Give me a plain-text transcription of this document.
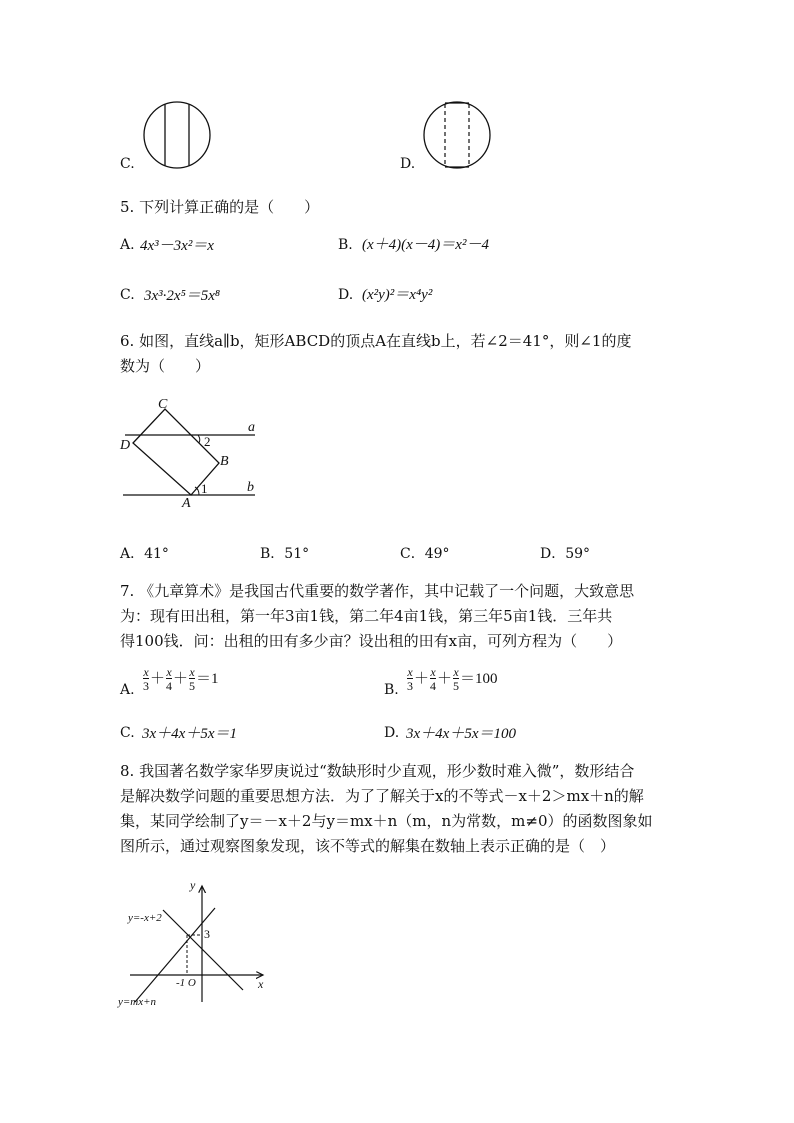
C.	D.
5. 下列计算正确的是（　　）
A. 4x³－3x²＝x	B. (x＋4)(x－4)＝x²－4
C. 3x³·2x⁵＝5x⁸	D. (x²y)²＝x⁴y²
6. 如图，直线a∥b，矩形ABCD的顶点A在直线b上，若∠2＝41°，则∠1的度
数为（　　）
C
D
B
A
a
b
2
1
A．41°	B．51°	C．49°	D．59°
7. 《九章算术》是我国古代重要的数学著作，其中记载了一个问题，大致意思
为：现有田出租，第一年3亩1钱，第二年4亩1钱，第三年5亩1钱．三年共
得100钱．问：出租的田有多少亩？设出租的田有x亩，可列方程为（　　）
A. $\frac{x}{3} + \frac{x}{4} + \frac{x}{5} =1$
B. $\frac{x}{3} + \frac{x}{4} + \frac{x}{5} =100$
C. 3x＋4x＋5x＝1	D. 3x＋4x＋5x＝100
8. 我国著名数学家华罗庚说过“数缺形时少直观，形少数时难入微”，数形结合
是解决数学问题的重要思想方法．为了了解关于x的不等式－x＋2＞mx＋n的解
集，某同学绘制了y＝－x＋2与y＝mx＋n（m，n为常数，m≠0）的函数图象如
图所示，通过观察图象发现，该不等式的解集在数轴上表示正确的是（　）
y
x
y=-x+2
y=mx+n
3
-1 O
